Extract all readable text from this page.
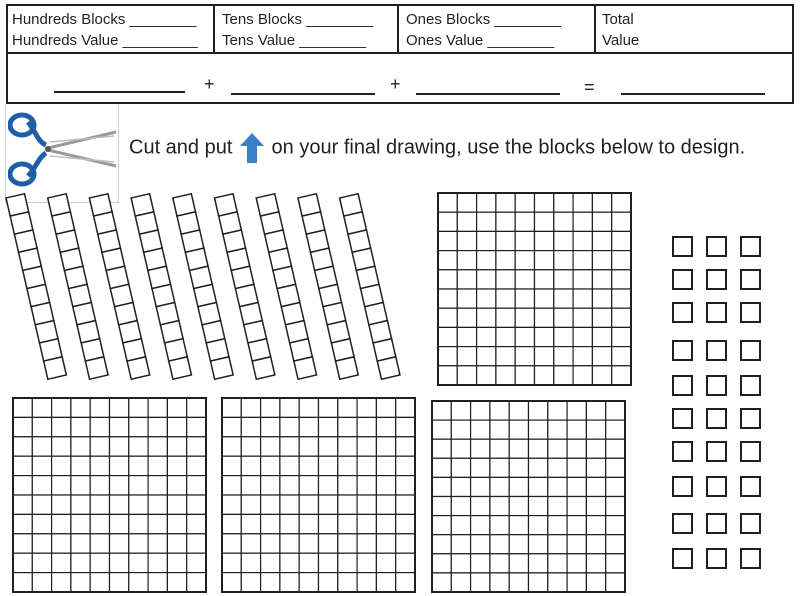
Hundreds Blocks ________
Hundreds Value _________
Tens Blocks ________
Tens Value ________
Ones Blocks ________
Ones Value ________
Total
Value
+	+	=
Cut and put on your final drawing, use the blocks below to design.
